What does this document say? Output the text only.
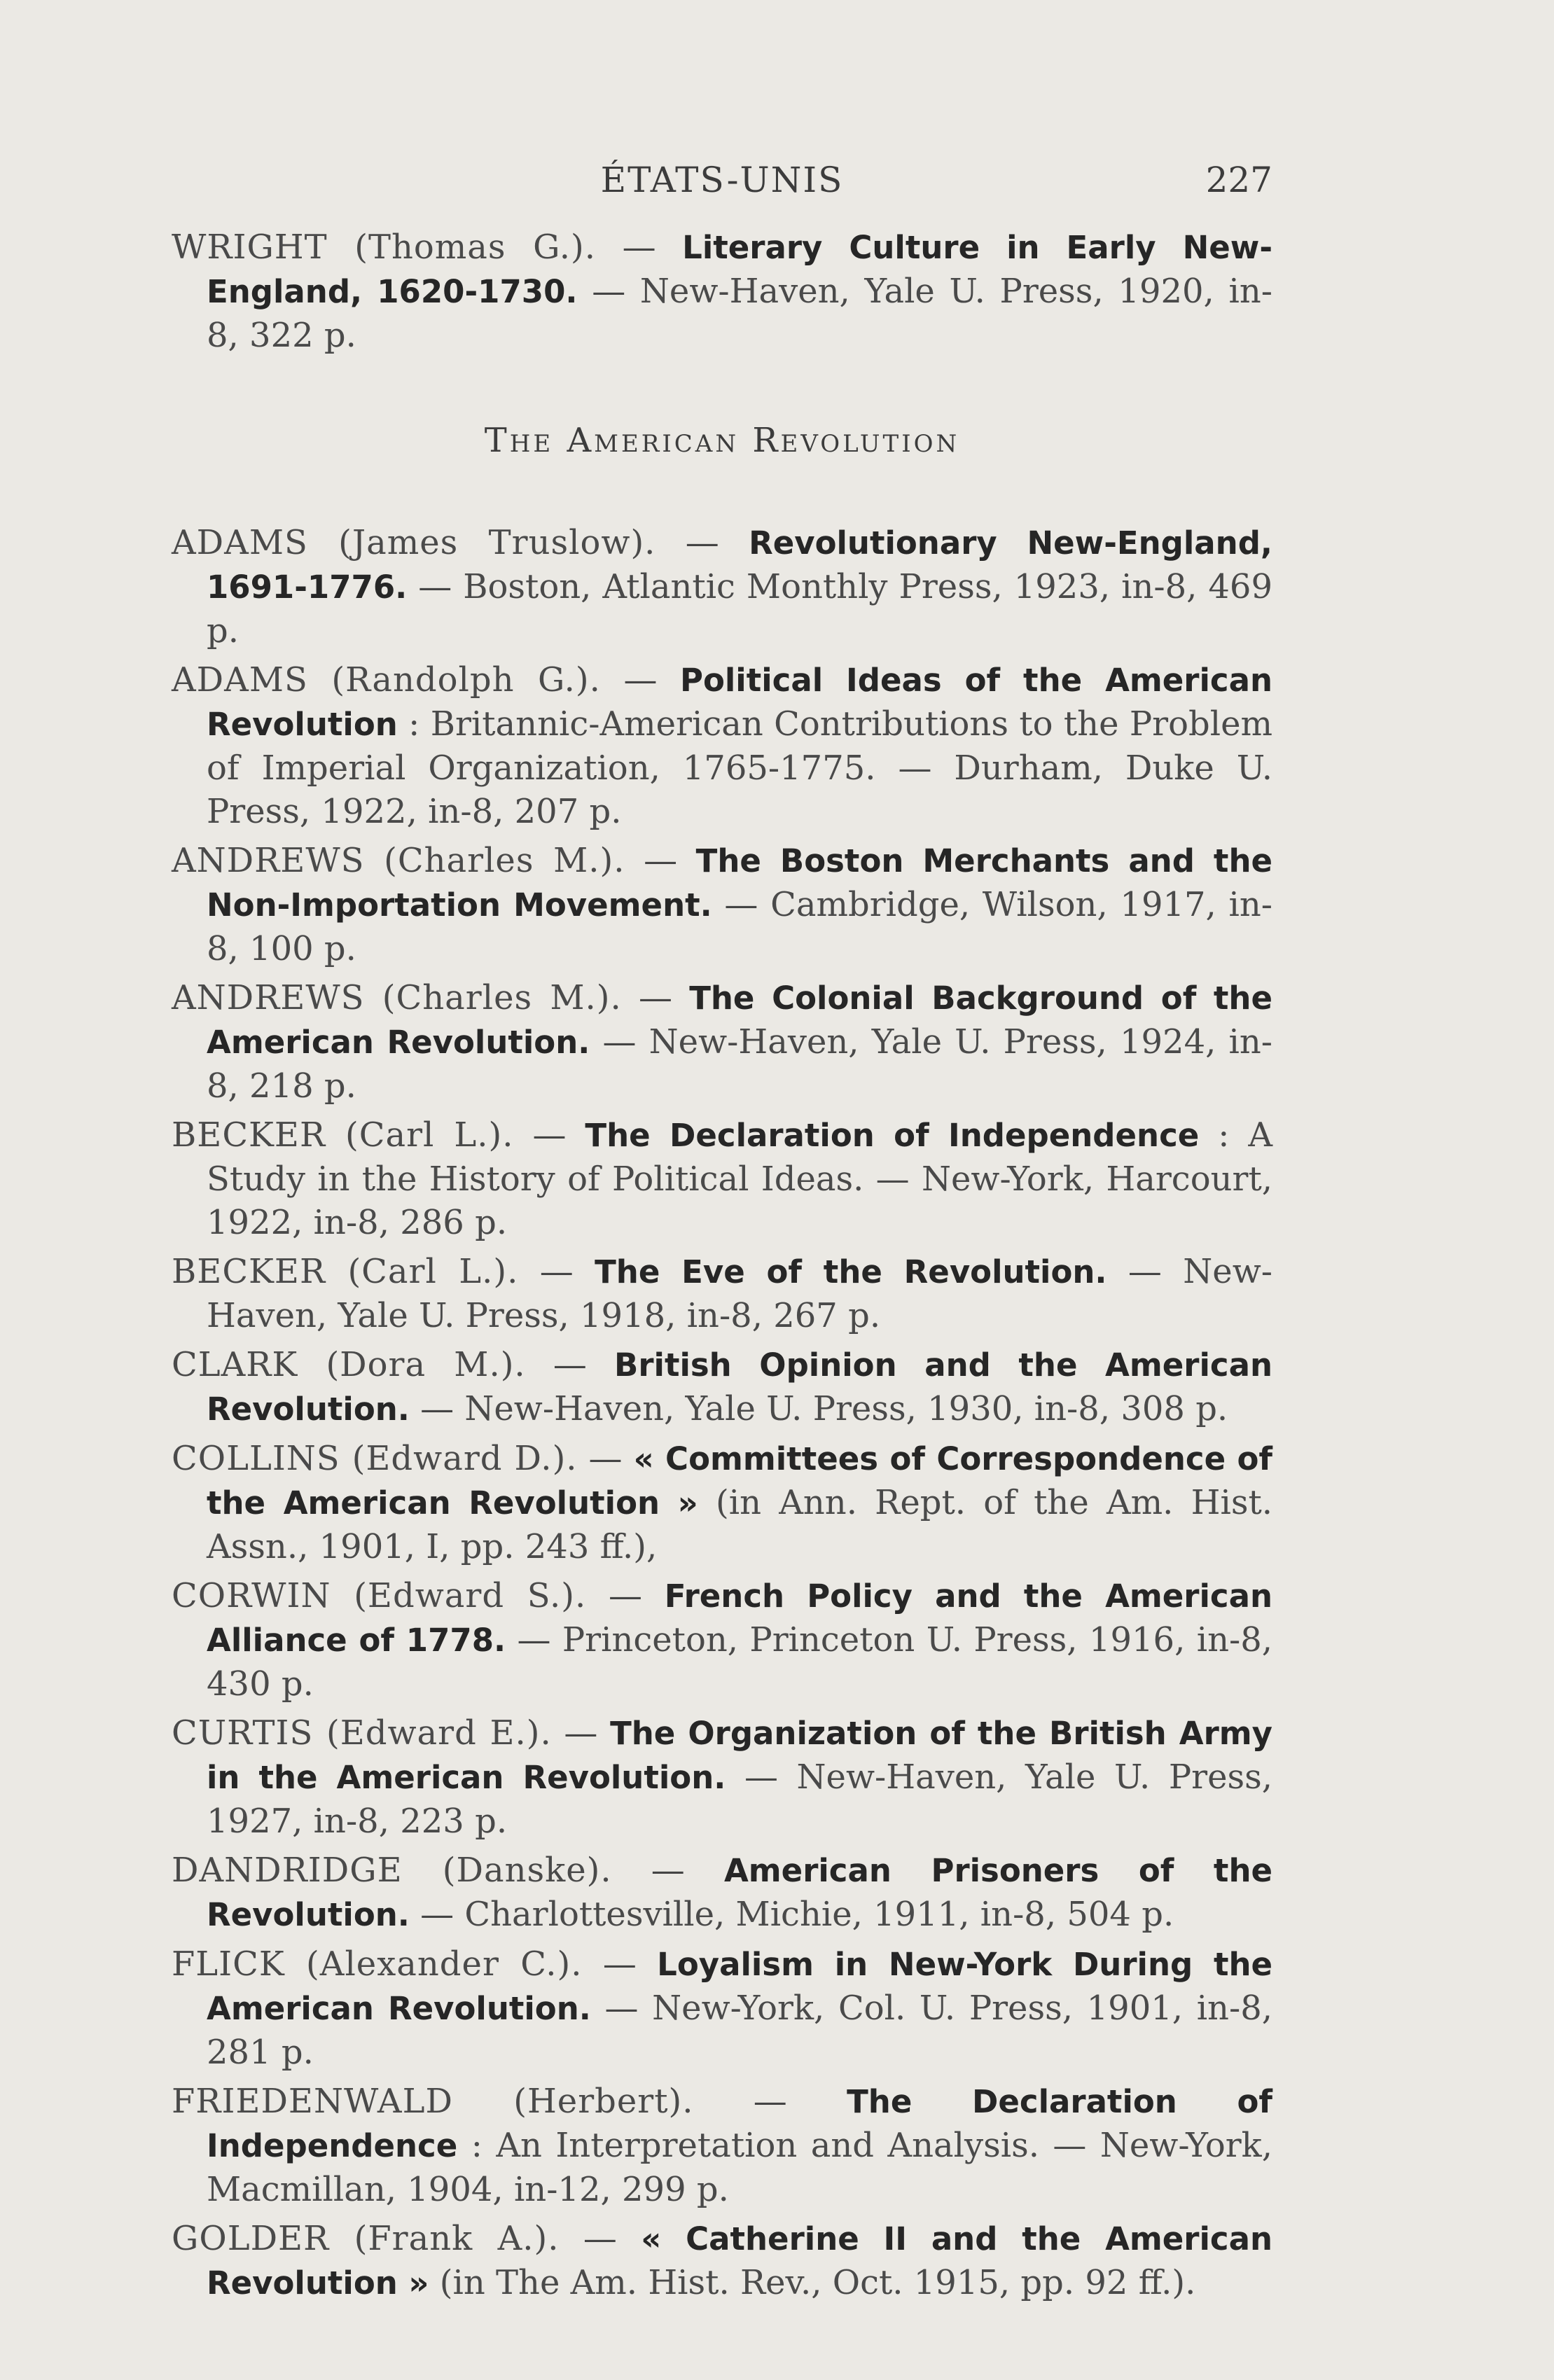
ÉTATS-UNIS	227

WRIGHT (Thomas G.). — Literary Culture in Early New-England, 1620-1730. — New-Haven, Yale U. Press, 1920, in-8, 322 p.

The American Revolution

ADAMS (James Truslow). — Revolutionary New-England, 1691-1776. — Boston, Atlantic Monthly Press, 1923, in-8, 469 p.

ADAMS (Randolph G.). — Political Ideas of the American Revolution : Britannic-American Contributions to the Problem of Imperial Organization, 1765-1775. — Durham, Duke U. Press, 1922, in-8, 207 p.

ANDREWS (Charles M.). — The Boston Merchants and the Non-Importation Movement. — Cambridge, Wilson, 1917, in-8, 100 p.

ANDREWS (Charles M.). — The Colonial Background of the American Revolution. — New-Haven, Yale U. Press, 1924, in-8, 218 p.

BECKER (Carl L.). — The Declaration of Independence : A Study in the History of Political Ideas. — New-York, Harcourt, 1922, in-8, 286 p.

BECKER (Carl L.). — The Eve of the Revolution. — New-Haven, Yale U. Press, 1918, in-8, 267 p.

CLARK (Dora M.). — British Opinion and the American Revolution. — New-Haven, Yale U. Press, 1930, in-8, 308 p.

COLLINS (Edward D.). — « Committees of Correspondence of the American Revolution » (in Ann. Rept. of the Am. Hist. Assn., 1901, I, pp. 243 ff.),

CORWIN (Edward S.). — French Policy and the American Alliance of 1778. — Princeton, Princeton U. Press, 1916, in-8, 430 p.

CURTIS (Edward E.). — The Organization of the British Army in the American Revolution. — New-Haven, Yale U. Press, 1927, in-8, 223 p.

DANDRIDGE (Danske). — American Prisoners of the Revolution. — Charlottesville, Michie, 1911, in-8, 504 p.

FLICK (Alexander C.). — Loyalism in New-York During the American Revolution. — New-York, Col. U. Press, 1901, in-8, 281 p.

FRIEDENWALD (Herbert). — The Declaration of Independence : An Interpretation and Analysis. — New-York, Macmillan, 1904, in-12, 299 p.

GOLDER (Frank A.). — « Catherine II and the American Revolution » (in The Am. Hist. Rev., Oct. 1915, pp. 92 ff.).
